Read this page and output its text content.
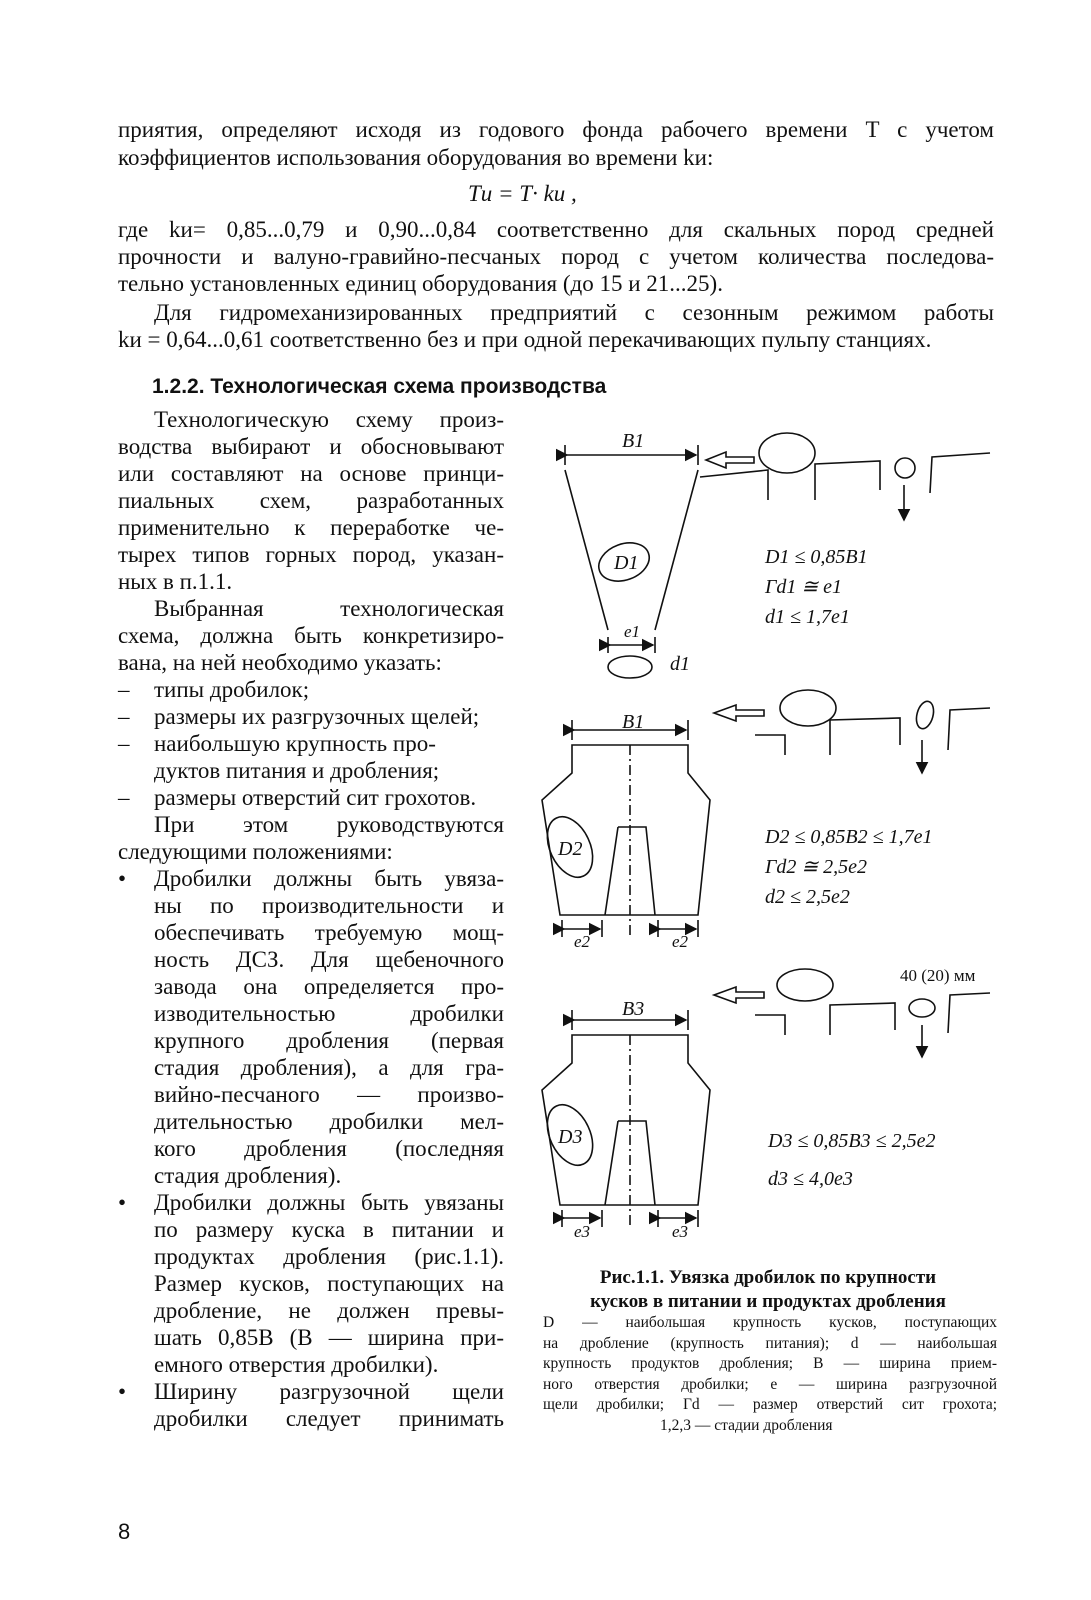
приятия, определяют исходя из годового фонда рабочего времени T с учетом
коэффициентов использования оборудования во времени kи:
Tи = T· kи ,
где kи= 0,85...0,79 и 0,90...0,84 соответственно для скальных пород средней
прочности и валуно-гравийно-песчаных пород с учетом количества последова-
тельно установленных единиц оборудования (до 15 и 21...25).
Для гидромеханизированных предприятий с сезонным режимом работы
kи = 0,64...0,61 соответственно без и при одной перекачивающих пульпу станциях.
1.2.2. Технологическая схема производства
Технологическую схему произ-
водства выбирают и обосновывают
или составляют на основе принци-
пиальных схем, разработанных
применительно к переработке че-
тырех типов горных пород, указан-
ных в п.1.1.
Выбранная технологическая
схема, должна быть конкретизиро-
вана, на ней необходимо указать:
типы дробилок;
–
размеры их разгрузочных щелей;
–
наибольшую крупность про-
–
дуктов питания и дробления;
размеры отверстий сит грохотов.
–
При этом руководствуются
следующими положениями:
Дробилки должны быть увяза-
•
ны по производительности и
обеспечивать требуемую мощ-
ность ДСЗ. Для щебеночного
завода она определяется про-
изводительностью дробилки
крупного дробления (первая
стадия дробления), а для гра-
вийно-песчаного — произво-
дительностью дробилки мел-
кого дробления (последняя
стадия дробления).
Дробилки должны быть увязаны
•
по размеру куска в питании и
продуктах дробления (рис.1.1).
Размер кусков, поступающих на
дробление, не должен превы-
шать 0,85B (B — ширина при-
емного отверстия дробилки).
Ширину разгрузочной щели
•
дробилки следует принимать
B1
D1
e1
d1
D1 ≤ 0,85B1
Гd1 ≅ e1
d1 ≤ 1,7e1
B1
D2
e2	e2
D2 ≤ 0,85B2 ≤ 1,7e1
Гd2 ≅ 2,5e2
d2 ≤ 2,5e2
B3
D3
e3	e3
40 (20) мм
D3 ≤ 0,85B3 ≤ 2,5e2
d3 ≤ 4,0e3
Рис.1.1. Увязка дробилок по крупности
кусков в питании и продуктах дробления
D — наибольшая крупность кусков, поступающих
на дробление (крупность питания); d — наибольшая
крупность продуктов дробления; B — ширина прием-
ного отверстия дробилки; e — ширина разгрузочной
щели дробилки; Гd — размер отверстий сит грохота;
1,2,3 — стадии дробления
8
